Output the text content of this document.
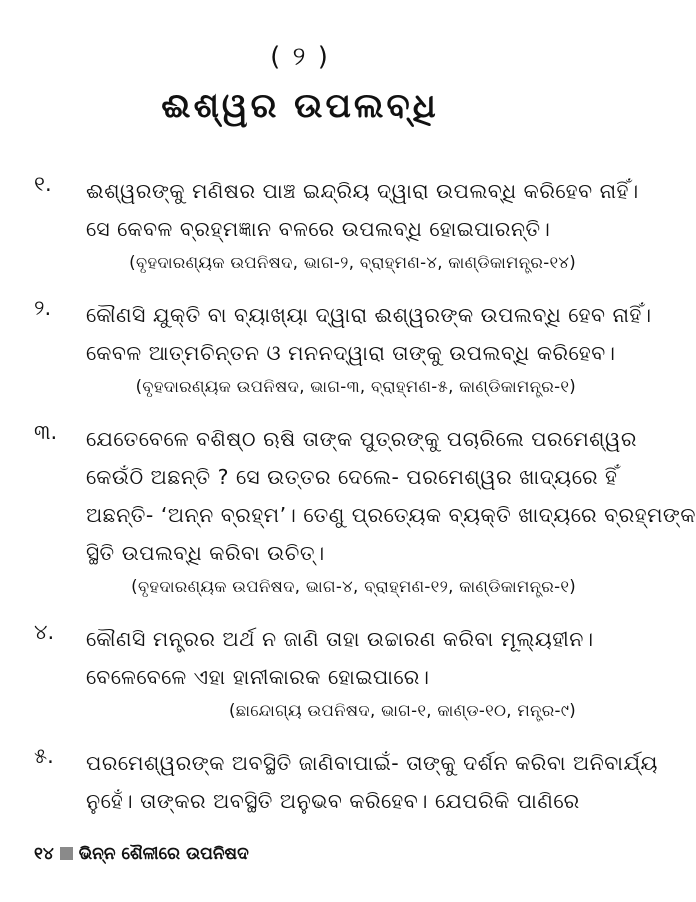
( ୨ )
ଈଶ୍ୱର ଉପଲବ୍ଧି
୧.	ଈଶ୍ୱରଙ୍କୁ ମଣିଷର ପାଞ୍ଚ ଇନ୍ଦ୍ରିୟ ଦ୍ୱାରା ଉପଲବ୍ଧି କରିହେବ ନାହିଁ।
ସେ କେବଳ ବ୍ରହ୍ମଜ୍ଞାନ ବଳରେ ଉପଲବ୍ଧି ହୋଇପାରନ୍ତି।
(ବୃହଦାରଣ୍ୟକ ଉପନିଷଦ, ଭାଗ-୨, ବ୍ରାହ୍ମଣ-୪, କାଣ୍ଡିକାମନ୍ତ୍ର-୧୪)
୨.	କୌଣସି ଯୁକ୍ତି ବା ବ୍ୟାଖ୍ୟା ଦ୍ୱାରା ଈଶ୍ୱରଙ୍କ ଉପଲବ୍ଧି ହେବ ନାହିଁ।
କେବଳ ଆତ୍ମଚିନ୍ତନ ଓ ମନନଦ୍ୱାରା ତାଙ୍କୁ ଉପଲବ୍ଧି କରିହେବ।
(ବୃହଦାରଣ୍ୟକ ଉପନିଷଦ, ଭାଗ-୩, ବ୍ରାହ୍ମଣ-୫, କାଣ୍ଡିକାମନ୍ତ୍ର-୧)
୩.	ଯେତେବେଳେ ବଶିଷ୍ଠ ଋଷି ତାଙ୍କ ପୁତ୍ରଙ୍କୁ ପଚାରିଲେ ପରମେଶ୍ୱର
କେଉଁଠି ଅଛନ୍ତି ? ସେ ଉତ୍ତର ଦେଲେ- ପରମେଶ୍ୱର ଖାଦ୍ୟରେ ହିଁ
ଅଛନ୍ତି- ‘ଅନ୍ନ ବ୍ରହ୍ମ’। ତେଣୁ ପ୍ରତ୍ୟେକ ବ୍ୟକ୍ତି ଖାଦ୍ୟରେ ବ୍ରହ୍ମଙ୍କ
ସ୍ଥିତି ଉପଲବ୍ଧି କରିବା ଉଚିତ୍।
(ବୃହଦାରଣ୍ୟକ ଉପନିଷଦ, ଭାଗ-୪, ବ୍ରାହ୍ମଣ-୧୨, କାଣ୍ଡିକାମନ୍ତ୍ର-୧)
୪.	କୌଣସି ମନ୍ତ୍ରର ଅର୍ଥ ନ ଜାଣି ତାହା ଉଚ୍ଚାରଣ କରିବା ମୂଲ୍ୟହୀନ।
ବେଳେବେଳେ ଏହା ହାନୀକାରକ ହୋଇପାରେ।
(ଛାନ୍ଦୋଗ୍ୟ ଉପନିଷଦ, ଭାଗ-୧, କାଣ୍ଡ-୧୦, ମନ୍ତ୍ର-୯)
୫.	ପରମେଶ୍ୱରଙ୍କ ଅବସ୍ଥିତି ଜାଣିବାପାଇଁ- ତାଙ୍କୁ ଦର୍ଶନ କରିବା ଅନିବାର୍ଯ୍ୟ
ନୁହେଁ। ତାଙ୍କର ଅବସ୍ଥିତି ଅନୁଭବ କରିହେବ। ଯେପରିକି ପାଣିରେ
୧୪ ଭିନ୍ନ ଶୈଳୀରେ ଉପନିଷଦ
